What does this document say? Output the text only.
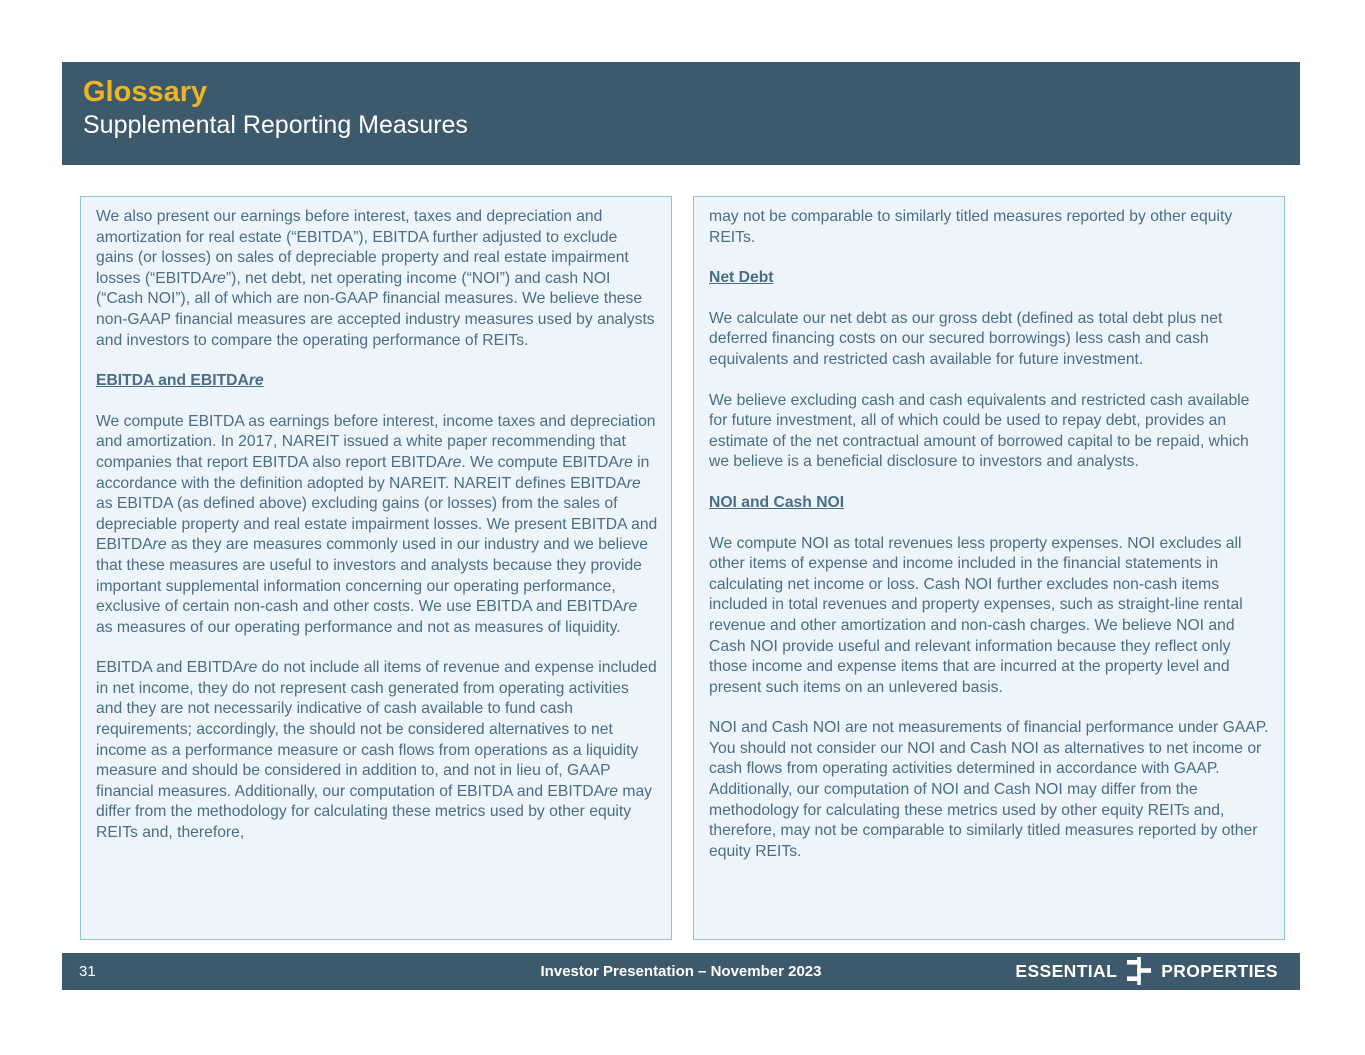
Glossary
Supplemental Reporting Measures
We also present our earnings before interest, taxes and depreciation and amortization for real estate (“EBITDA”), EBITDA further adjusted to exclude gains (or losses) on sales of depreciable property and real estate impairment losses (“EBITDAre”), net debt, net operating income (“NOI”) and cash NOI (“Cash NOI”), all of which are non-GAAP financial measures. We believe these non-GAAP financial measures are accepted industry measures used by analysts and investors to compare the operating performance of REITs.
EBITDA and EBITDAre
We compute EBITDA as earnings before interest, income taxes and depreciation and amortization. In 2017, NAREIT issued a white paper recommending that companies that report EBITDA also report EBITDAre. We compute EBITDAre in accordance with the definition adopted by NAREIT. NAREIT defines EBITDAre as EBITDA (as defined above) excluding gains (or losses) from the sales of depreciable property and real estate impairment losses. We present EBITDA and EBITDAre as they are measures commonly used in our industry and we believe that these measures are useful to investors and analysts because they provide important supplemental information concerning our operating performance, exclusive of certain non-cash and other costs. We use EBITDA and EBITDAre as measures of our operating performance and not as measures of liquidity.
EBITDA and EBITDAre do not include all items of revenue and expense included in net income, they do not represent cash generated from operating activities and they are not necessarily indicative of cash available to fund cash requirements; accordingly, the should not be considered alternatives to net income as a performance measure or cash flows from operations as a liquidity measure and should be considered in addition to, and not in lieu of, GAAP financial measures. Additionally, our computation of EBITDA and EBITDAre may differ from the methodology for calculating these metrics used by other equity REITs and, therefore,
may not be comparable to similarly titled measures reported by other equity REITs.
Net Debt
We calculate our net debt as our gross debt (defined as total debt plus net deferred financing costs on our secured borrowings) less cash and cash equivalents and restricted cash available for future investment.
We believe excluding cash and cash equivalents and restricted cash available for future investment, all of which could be used to repay debt, provides an estimate of the net contractual amount of borrowed capital to be repaid, which we believe is a beneficial disclosure to investors and analysts.
NOI and Cash NOI
We compute NOI as total revenues less property expenses. NOI excludes all other items of expense and income included in the financial statements in calculating net income or loss. Cash NOI further excludes non-cash items included in total revenues and property expenses, such as straight-line rental revenue and other amortization and non-cash charges. We believe NOI and Cash NOI provide useful and relevant information because they reflect only those income and expense items that are incurred at the property level and present such items on an unlevered basis.
NOI and Cash NOI are not measurements of financial performance under GAAP. You should not consider our NOI and Cash NOI as alternatives to net income or cash flows from operating activities determined in accordance with GAAP. Additionally, our computation of NOI and Cash NOI may differ from the methodology for calculating these metrics used by other equity REITs and, therefore, may not be comparable to similarly titled measures reported by other equity REITs.
31	Investor Presentation – November 2023	ESSENTIAL	PROPERTIES
